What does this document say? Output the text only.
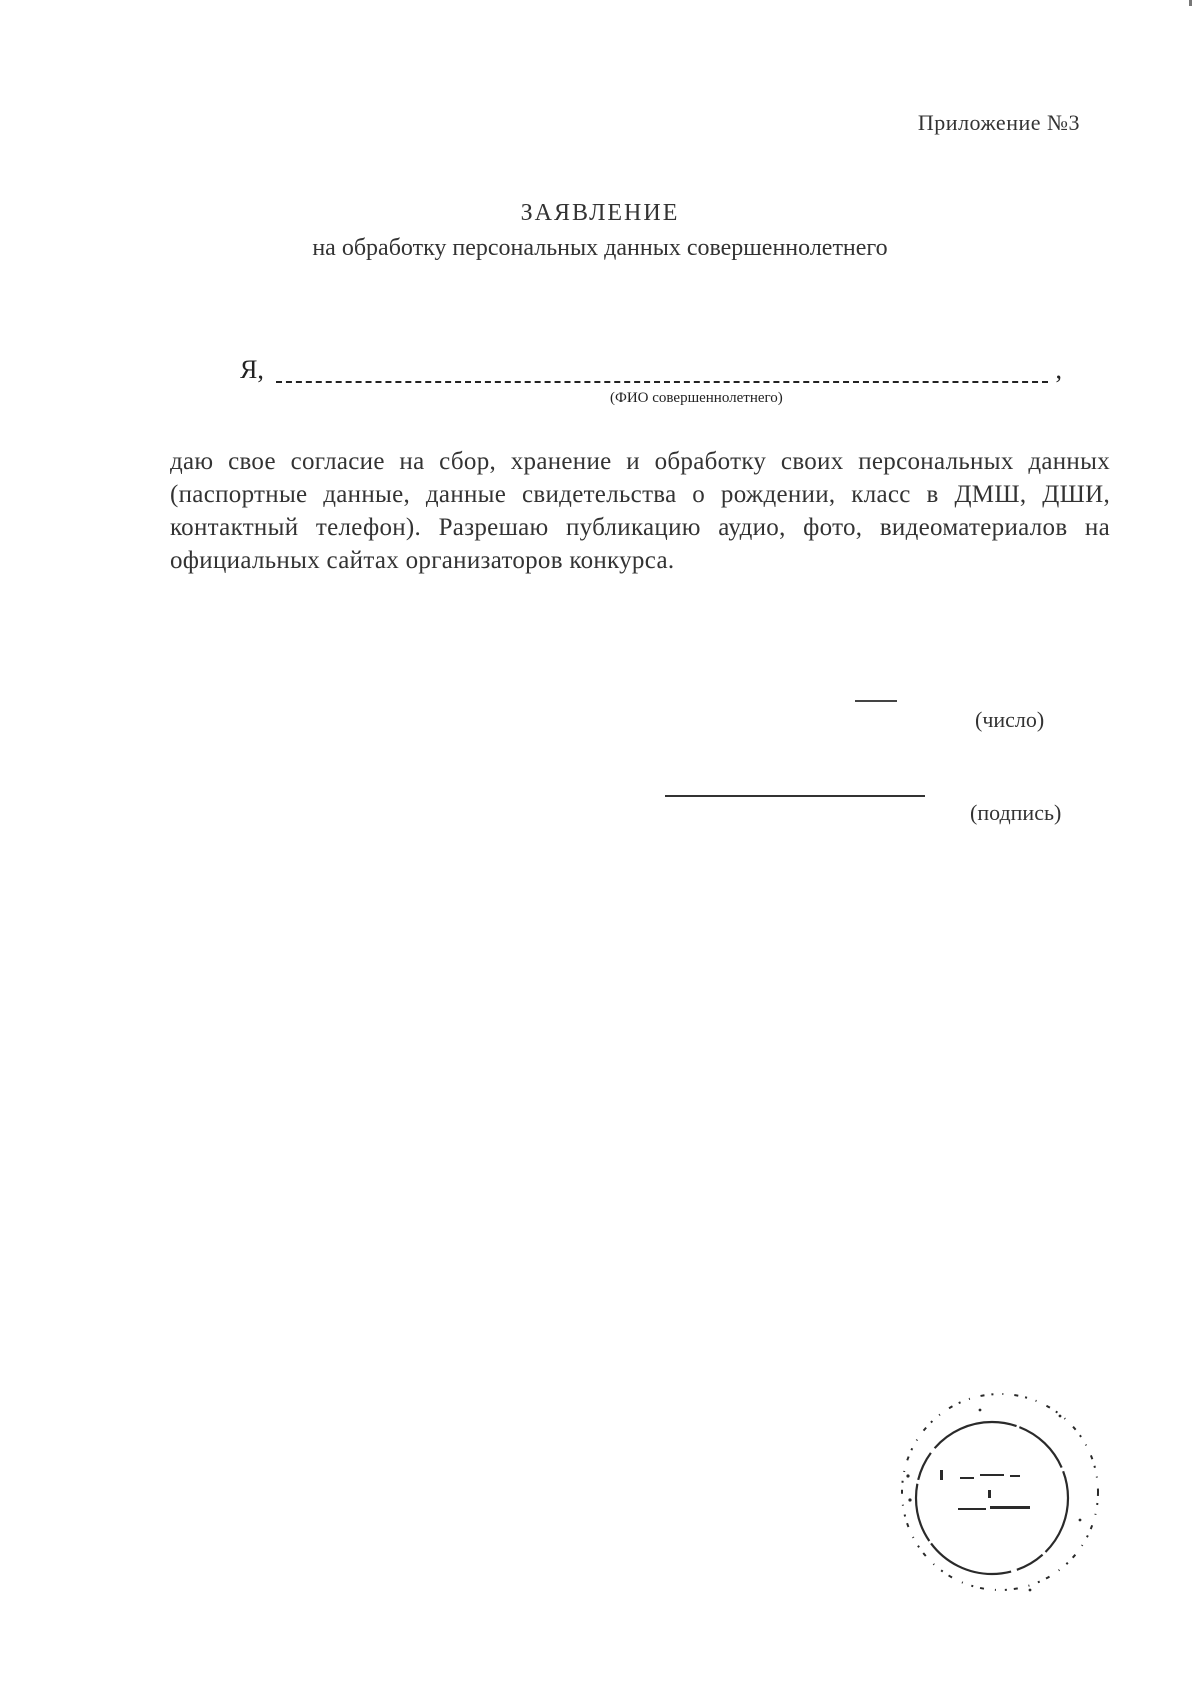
Приложение №3
ЗАЯВЛЕНИЕ
на обработку персональных данных совершеннолетнего
Я,	,
(ФИО совершеннолетнего)

даю свое согласие на сбор, хранение и обработку своих персональных данных (паспортные данные, данные свидетельства о рождении, класс в ДМШ, ДШИ, контактный телефон). Разрешаю публикацию аудио, фото, видеоматериалов на официальных сайтах организаторов конкурса.

(число)
(подпись)
